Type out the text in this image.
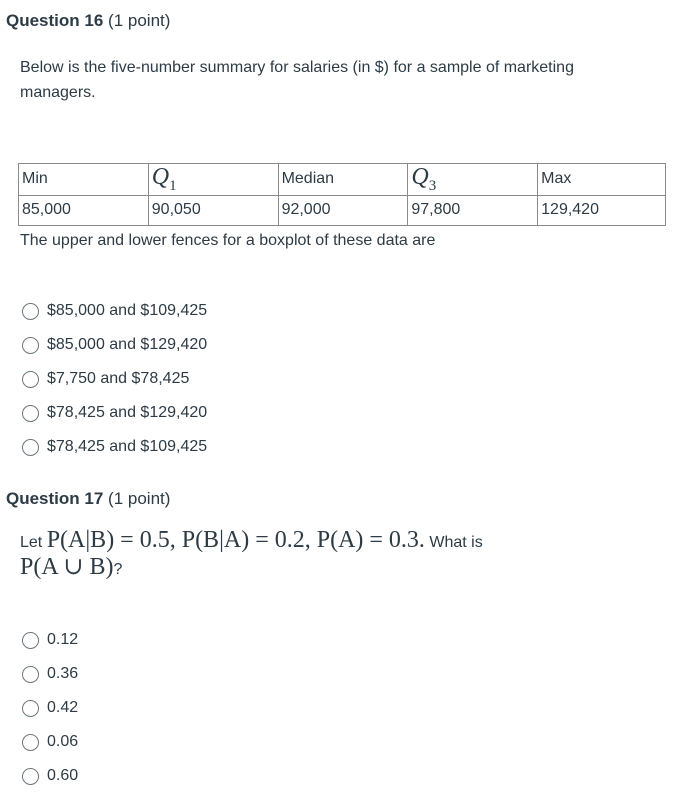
Question 16 (1 point)
Below is the five-number summary for salaries (in $) for a sample of marketing managers.
Min	$Q_1$	Median	$Q_3$	Max
85,000	90,050	92,000	97,800	129,420
The upper and lower fences for a boxplot of these data are
$85,000 and $109,425
$85,000 and $129,420
$7,750 and $78,425
$78,425 and $129,420
$78,425 and $109,425
Question 17 (1 point)
Let P(A|B) = 0.5, P(B|A) = 0.2, P(A) = 0.3. What is
P(A ∪ B)?
0.12
0.36
0.42
0.06
0.60
